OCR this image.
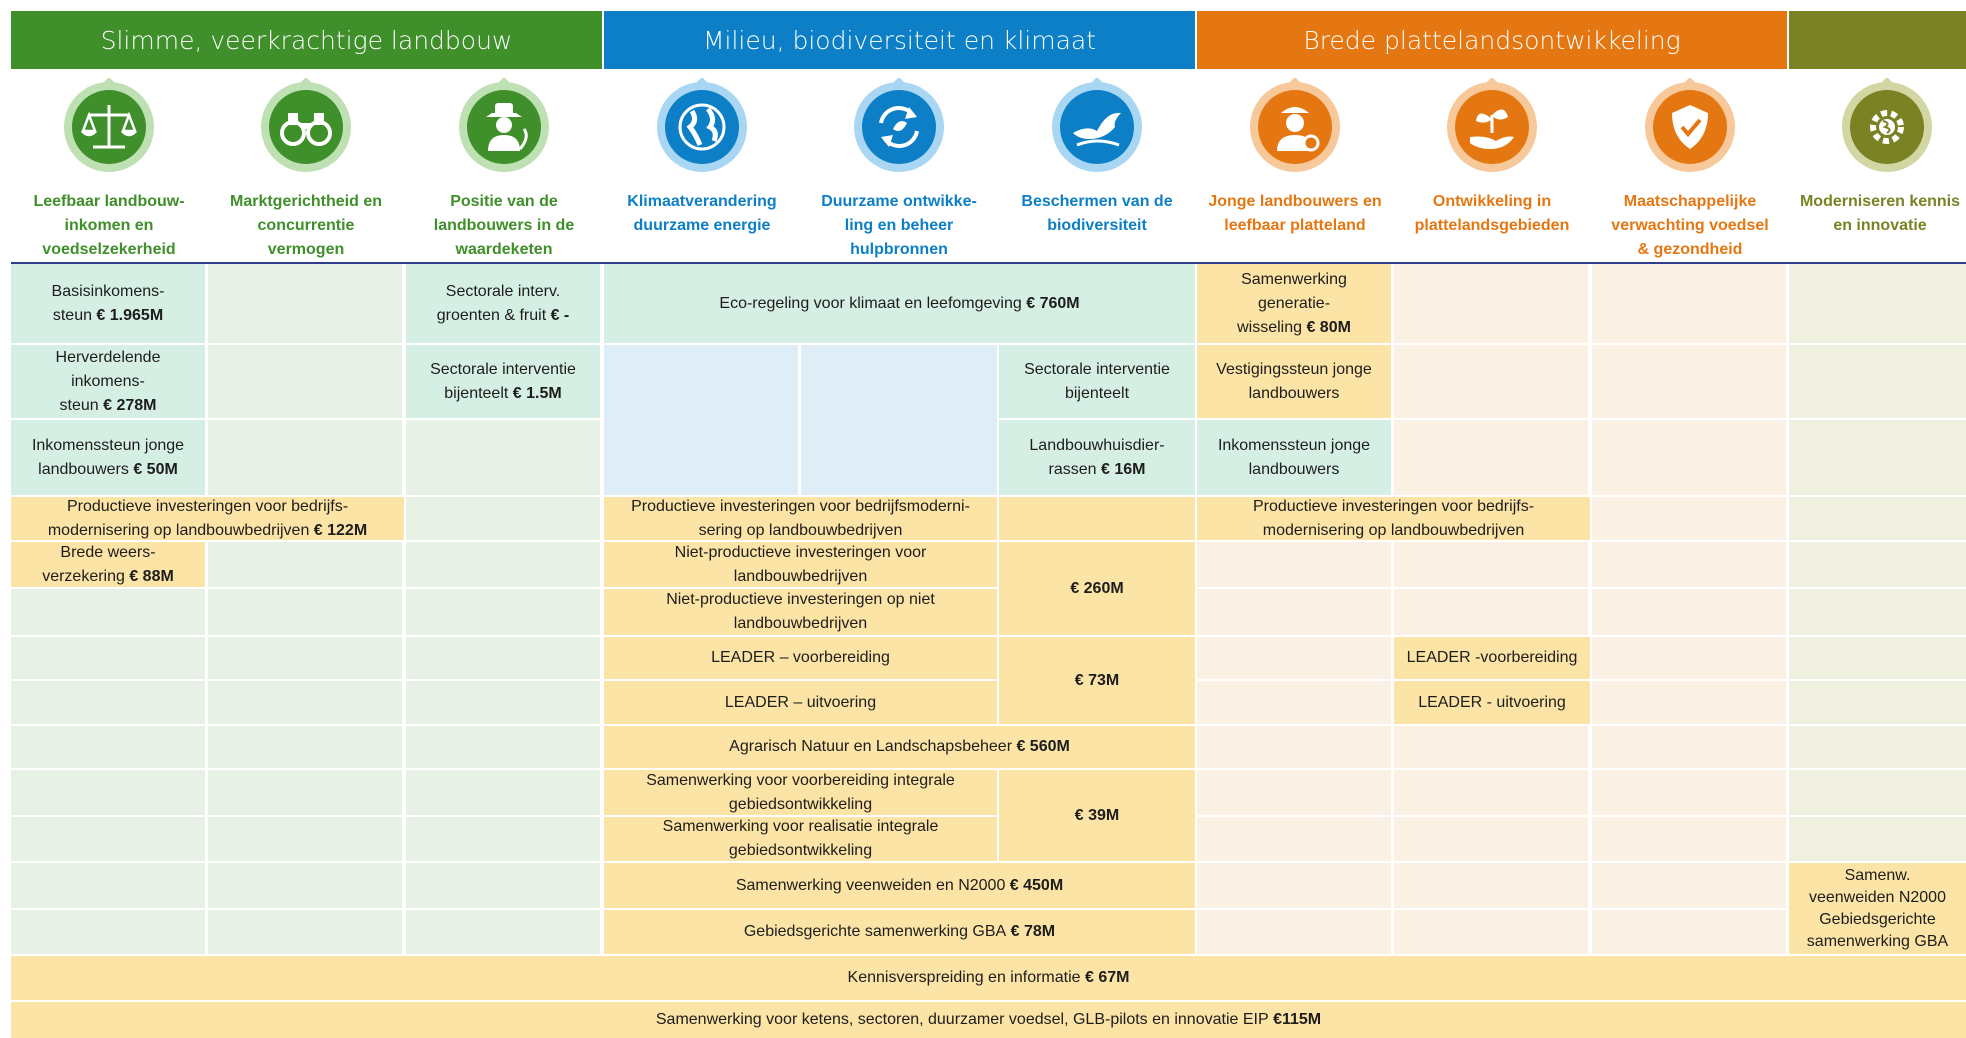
Slimme, veerkrachtige landbouw	Milieu, biodiversiteit en klimaat	Brede plattelandsontwikkeling
Leefbaar landbouw-
inkomen en
voedselzekerheid
Marktgerichtheid en
concurrentie
vermogen
Positie van de
landbouwers in de
waardeketen
Klimaatverandering
duurzame energie
Duurzame ontwikke-
ling en beheer
hulpbronnen
Beschermen van de
biodiversiteit
Jonge landbouwers en
leefbaar platteland
Ontwikkeling in
plattelandsgebieden
Maatschappelijke
verwachting voedsel
& gezondheid
Moderniseren kennis
en innovatie
Basisinkomens-
steun € 1.965M
Sectorale interv.
groenten & fruit € -
Eco-regeling voor klimaat en leefomgeving € 760M
Samenwerking
generatie-
wisseling € 80M
Herverdelende
inkomens-
steun € 278M
Sectorale interventie
bijenteelt € 1.5M
Sectorale interventie
bijenteelt
Vestigingssteun jonge
landbouwers
Inkomenssteun jonge
landbouwers € 50M
Landbouwhuisdier-
rassen € 16M
Inkomenssteun jonge
landbouwers
Productieve investeringen voor bedrijfs-
modernisering op landbouwbedrijven € 122M
Productieve investeringen voor bedrijfsmoderni-
sering op landbouwbedrijven
Productieve investeringen voor bedrijfs-
modernisering op landbouwbedrijven
Brede weers-
verzekering € 88M
Niet-productieve investeringen voor
landbouwbedrijven
Niet-productieve investeringen op niet
landbouwbedrijven
€ 260M
LEADER – voorbereiding
LEADER – uitvoering
€ 73M
LEADER -voorbereiding
LEADER - uitvoering
Agrarisch Natuur en Landschapsbeheer € 560M
Samenwerking voor voorbereiding integrale
gebiedsontwikkeling
Samenwerking voor realisatie integrale
gebiedsontwikkeling
€ 39M
Samenwerking veenweiden en N2000 € 450M
Gebiedsgerichte samenwerking GBA € 78M
Samenw.
veenweiden N2000
Gebiedsgerichte
samenwerking GBA
Kennisverspreiding en informatie € 67M
Samenwerking voor ketens, sectoren, duurzamer voedsel, GLB-pilots en innovatie EIP €115M
